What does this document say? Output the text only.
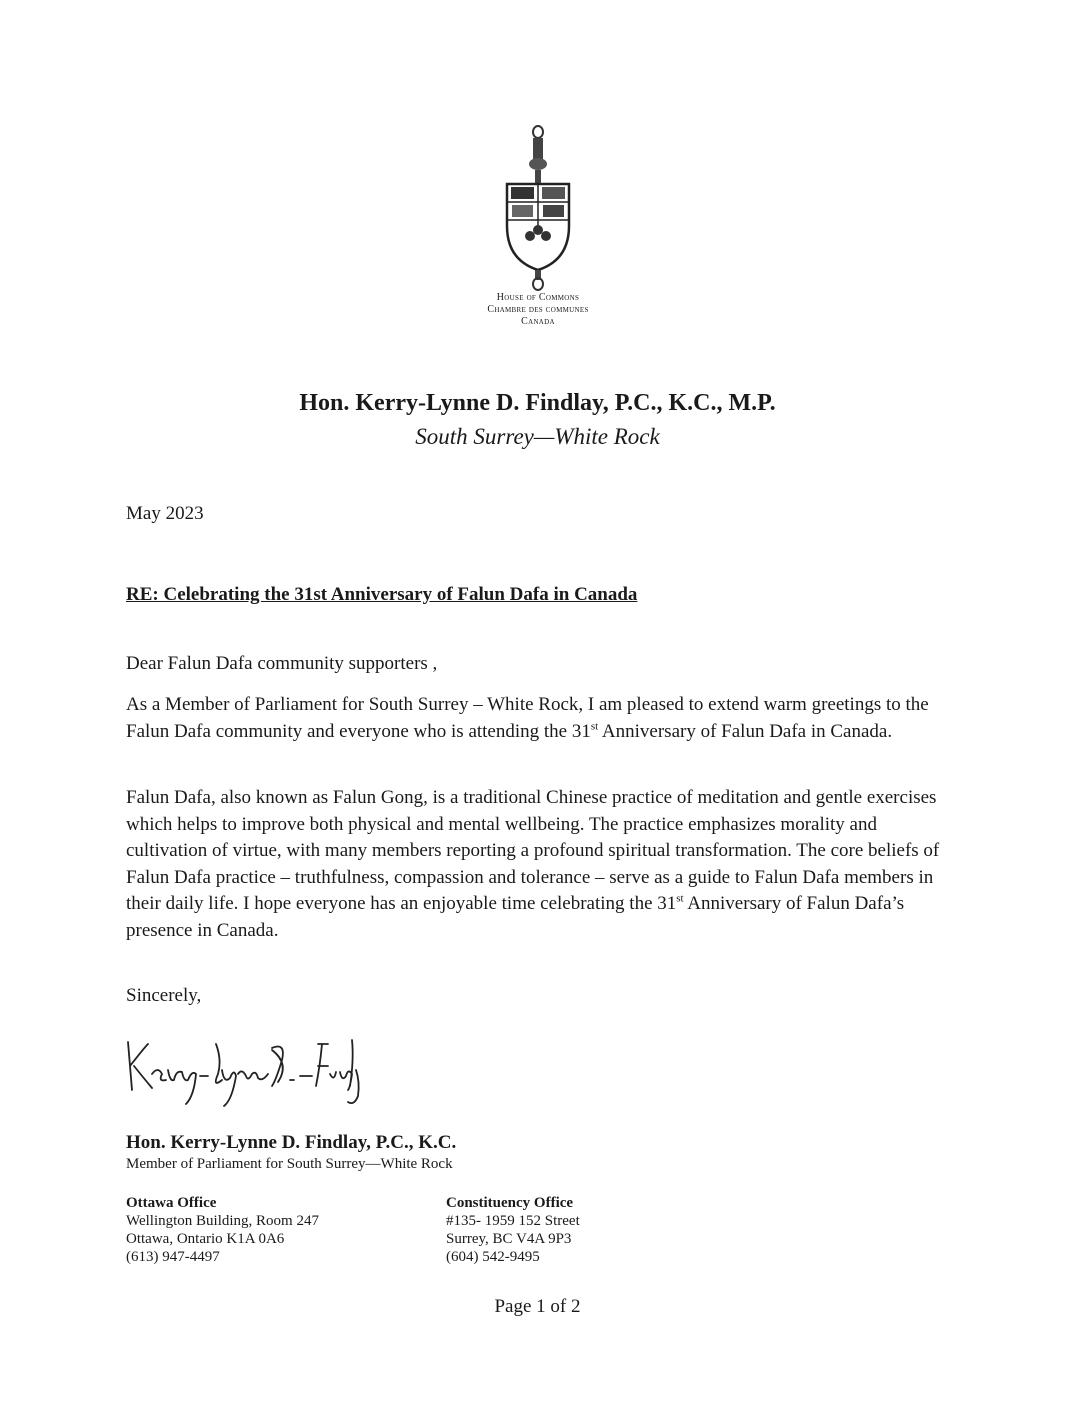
House of Commons
Chambre des communes
Canada
Hon. Kerry-Lynne D. Findlay, P.C., K.C., M.P.
South Surrey—White Rock
May 2023
RE: Celebrating the 31st Anniversary of Falun Dafa in Canada
Dear Falun Dafa community supporters ,
As a Member of Parliament for South Surrey – White Rock, I am pleased to extend warm greetings to the Falun Dafa community and everyone who is attending the 31st Anniversary of Falun Dafa in Canada.
Falun Dafa, also known as Falun Gong, is a traditional Chinese practice of meditation and gentle exercises which helps to improve both physical and mental wellbeing. The practice emphasizes morality and cultivation of virtue, with many members reporting a profound spiritual transformation. The core beliefs of Falun Dafa practice – truthfulness, compassion and tolerance – serve as a guide to Falun Dafa members in their daily life. I hope everyone has an enjoyable time celebrating the 31st Anniversary of Falun Dafa’s presence in Canada.
Sincerely,
Hon. Kerry-Lynne D. Findlay, P.C., K.C.
Member of Parliament for South Surrey—White Rock
Ottawa Office
Wellington Building, Room 247
Ottawa, Ontario K1A 0A6
(613) 947-4497
Constituency Office
#135- 1959 152 Street
Surrey, BC V4A 9P3
(604) 542-9495
Page 1 of 2
